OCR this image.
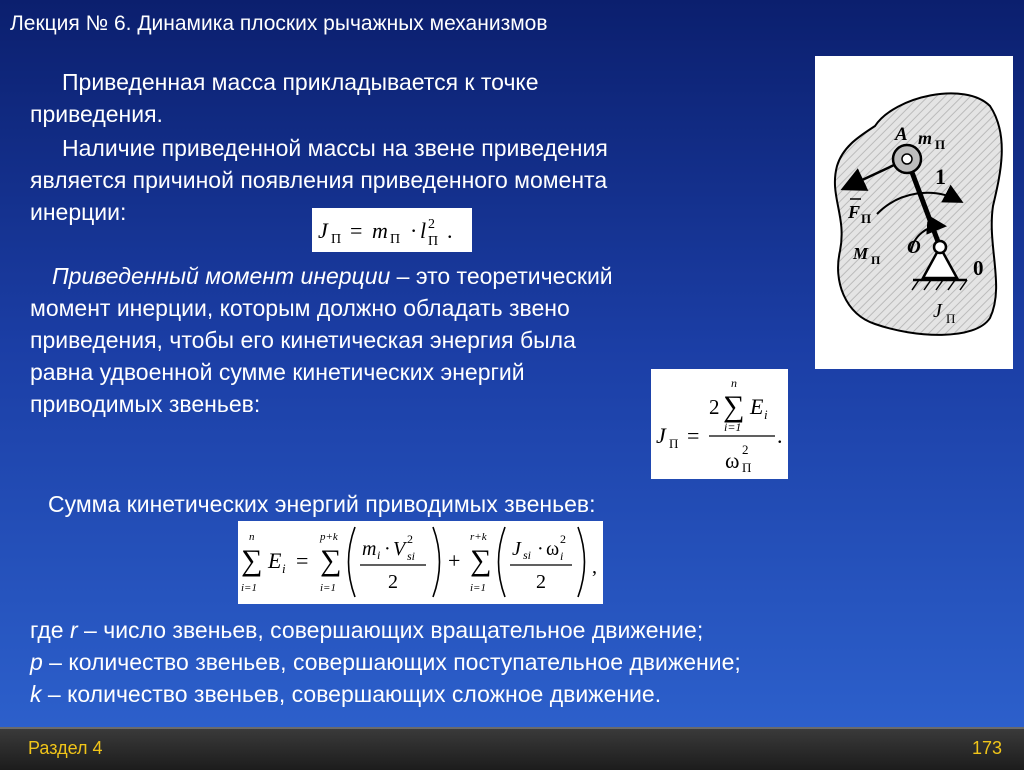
Лекция № 6. Динамика плоских рычажных механизмов
Приведенная масса прикладывается к точке
приведения.
Наличие приведенной массы на звене приведения
является причиной появления приведенного момента
инерции:
J П = m П · l 2
П .
Приведенный момент инерции – это теоретический
момент инерции, которым должно обладать звено
приведения, чтобы его кинетическая энергия была
равна удвоенной сумме кинетических энергий
приводимых звеньев:
J П =
n
2 ∑
i=1
E i
ω 2
П
.
Сумма кинетических энергий приводимых звеньев:
n
∑
i=1
E i =
p+k
∑
i=1
m i · V 2
si
2
+
r+k
∑
i=1
J si · ω 2
i
2
,
где r – число звеньев, совершающих вращательное движение;
p – количество звеньев, совершающих поступательное движение;
k – количество звеньев, совершающих сложное движение.
A m П
1
F П
M П
O
0
J П
Раздел 4	173
